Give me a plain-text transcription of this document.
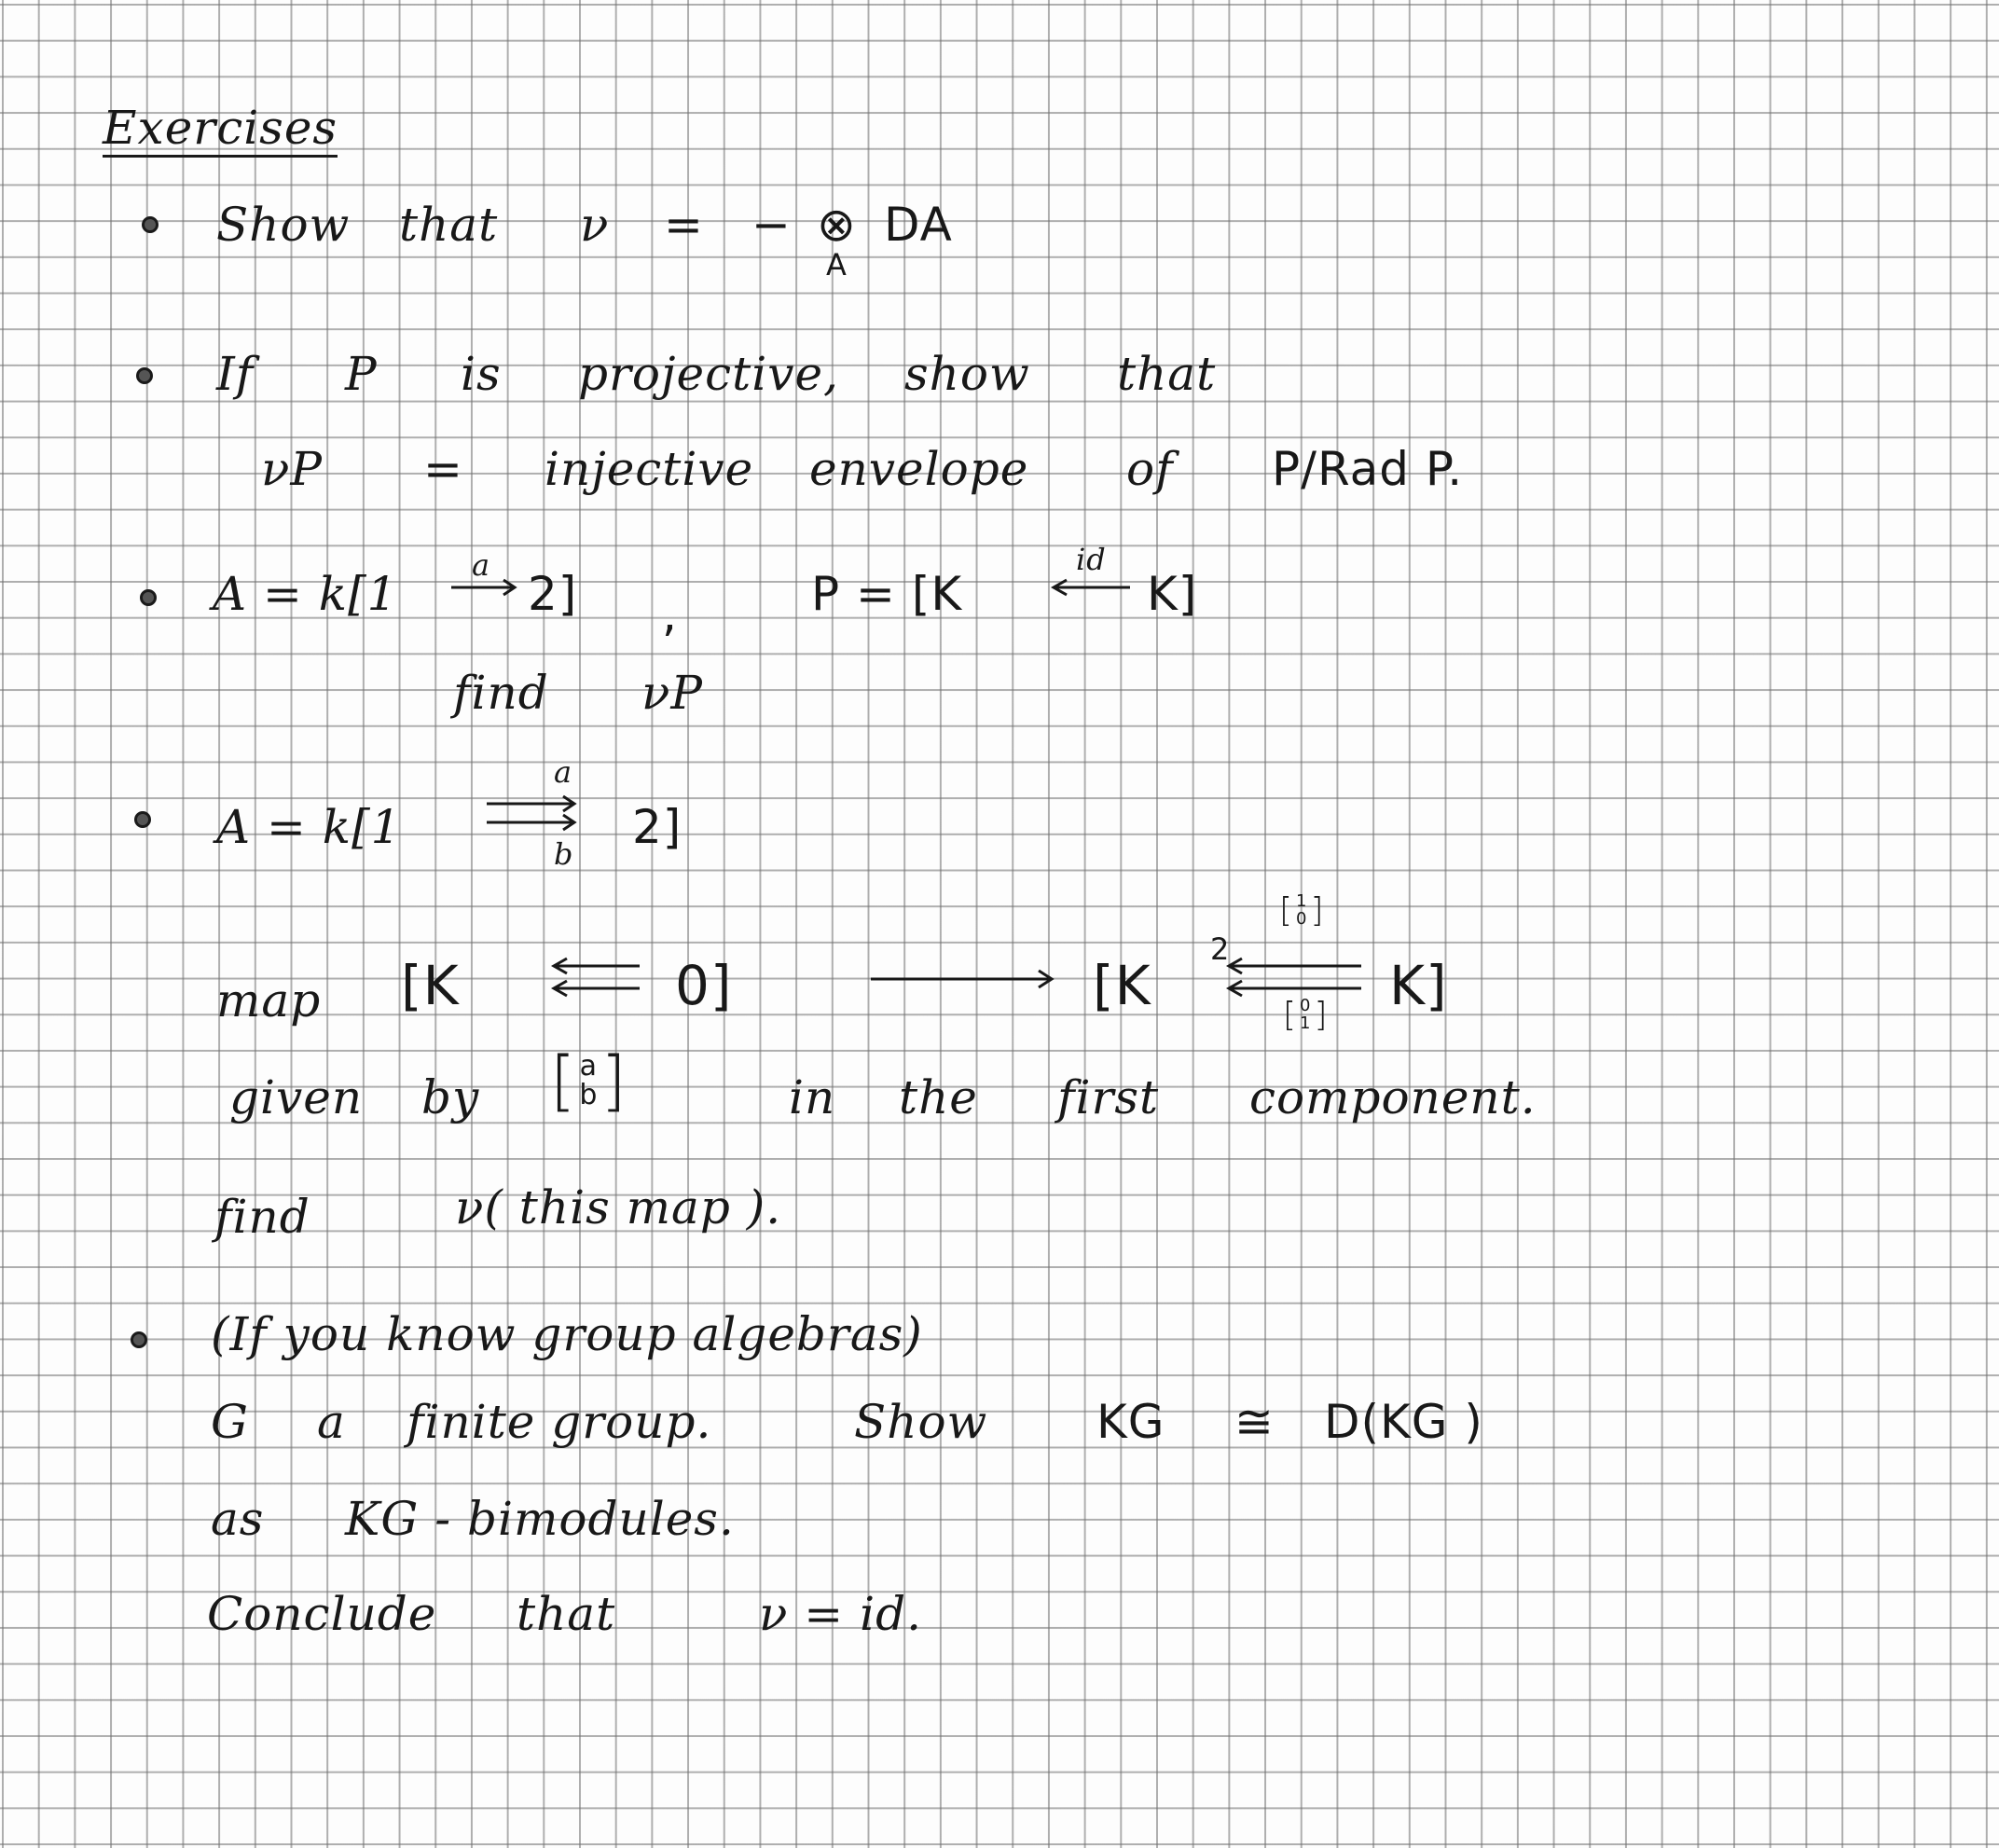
Exercises
Show that ν = − ⊗
A
DA
If P is projective, show that
νP = injective envelope of P/Rad P.
A = k[1
a
2] ,	P = [K
id
K]
find νP
A = k[1
a
b 2]
map [K	0]	[K
2
[ 1
0 ]
[ 0
1 ] K]
given by [ a
b ]	in the first component.
find	ν( this map ).
(If you know group algebras)
G a finite group.	Show KG ≅ D(KG )
as KG - bimodules.
Conclude that	ν = id.
